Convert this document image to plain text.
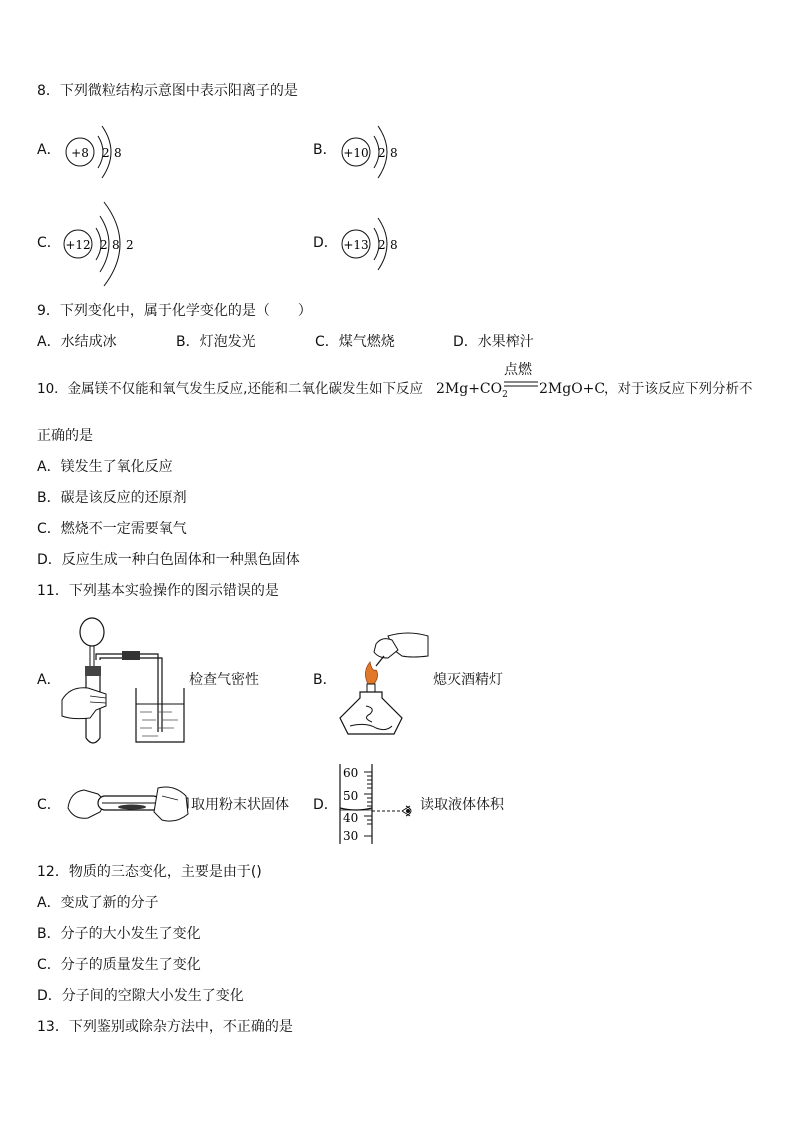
8．下列微粒结构示意图中表示阳离子的是
A． +8 2 8	B． +10 2 8
C． +12 2 8 2	D． +13 2 8
9．下列变化中，属于化学变化的是（　　）
A．水结成冰	B．灯泡发光	C．煤气燃烧	D．水果榨汁
10．金属镁不仅能和氧气发生反应,还能和二氧化碳发生如下反应 $2Mg+CO_2$
点燃
2MgO+C
，对于该反应下列分析不
正确的是
A．镁发生了氧化反应
B．碳是该反应的还原剂
C．燃烧不一定需要氧气
D．反应生成一种白色固体和一种黑色固体
11．下列基本实验操作的图示错误的是
A．	检查气密性	B．	熄灭酒精灯
C．	取用粉末状固体 D．
60
50
40
30
读取液体体积
12．物质的三态变化，主要是由于()
A．变成了新的分子
B．分子的大小发生了变化
C．分子的质量发生了变化
D．分子间的空隙大小发生了变化
13．下列鉴别或除杂方法中，不正确的是
